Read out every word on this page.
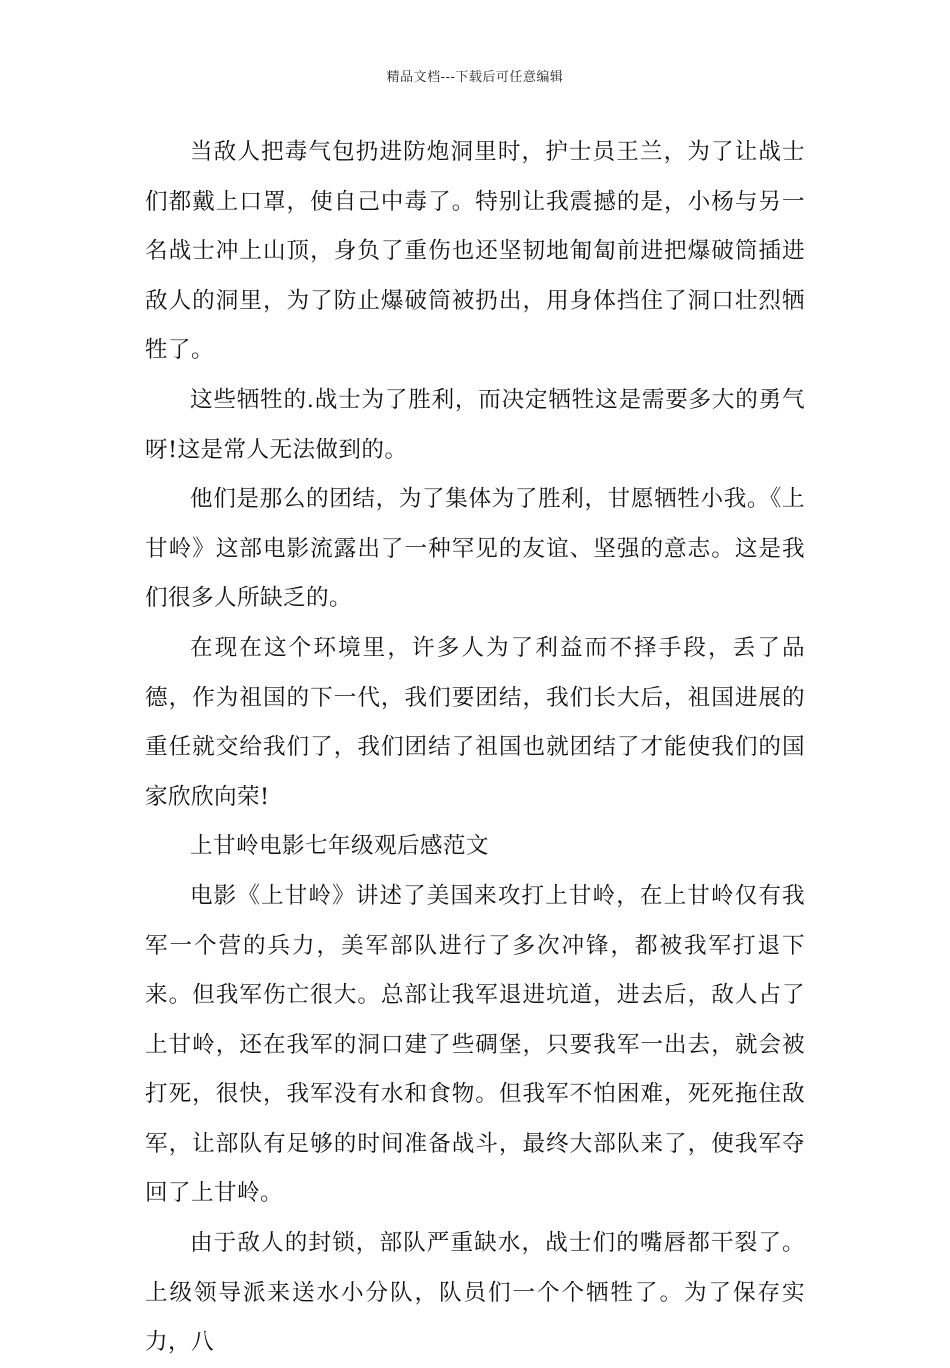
精品文档---下载后可任意编辑

当敌人把毒气包扔进防炮洞里时，护士员王兰，为了让战士们都戴上口罩，使自己中毒了。特别让我震撼的是，小杨与另一名战士冲上山顶，身负了重伤也还坚韧地匍匐前进把爆破筒插进敌人的洞里，为了防止爆破筒被扔出，用身体挡住了洞口壮烈牺牲了。

这些牺牲的.战士为了胜利，而决定牺牲这是需要多大的勇气呀!这是常人无法做到的。

他们是那么的团结，为了集体为了胜利，甘愿牺牲小我。《上甘岭》这部电影流露出了一种罕见的友谊、坚强的意志。这是我们很多人所缺乏的。

在现在这个环境里，许多人为了利益而不择手段，丢了品德，作为祖国的下一代，我们要团结，我们长大后，祖国进展的重任就交给我们了，我们团结了祖国也就团结了才能使我们的国家欣欣向荣!

上甘岭电影七年级观后感范文

电影《上甘岭》讲述了美国来攻打上甘岭，在上甘岭仅有我军一个营的兵力，美军部队进行了多次冲锋，都被我军打退下来。但我军伤亡很大。总部让我军退进坑道，进去后，敌人占了上甘岭，还在我军的洞口建了些碉堡，只要我军一出去，就会被打死，很快，我军没有水和食物。但我军不怕困难，死死拖住敌军，让部队有足够的时间准备战斗，最终大部队来了，使我军夺回了上甘岭。

由于敌人的封锁，部队严重缺水，战士们的嘴唇都干裂了。上级领导派来送水小分队，队员们一个个牺牲了。为了保存实力，八
